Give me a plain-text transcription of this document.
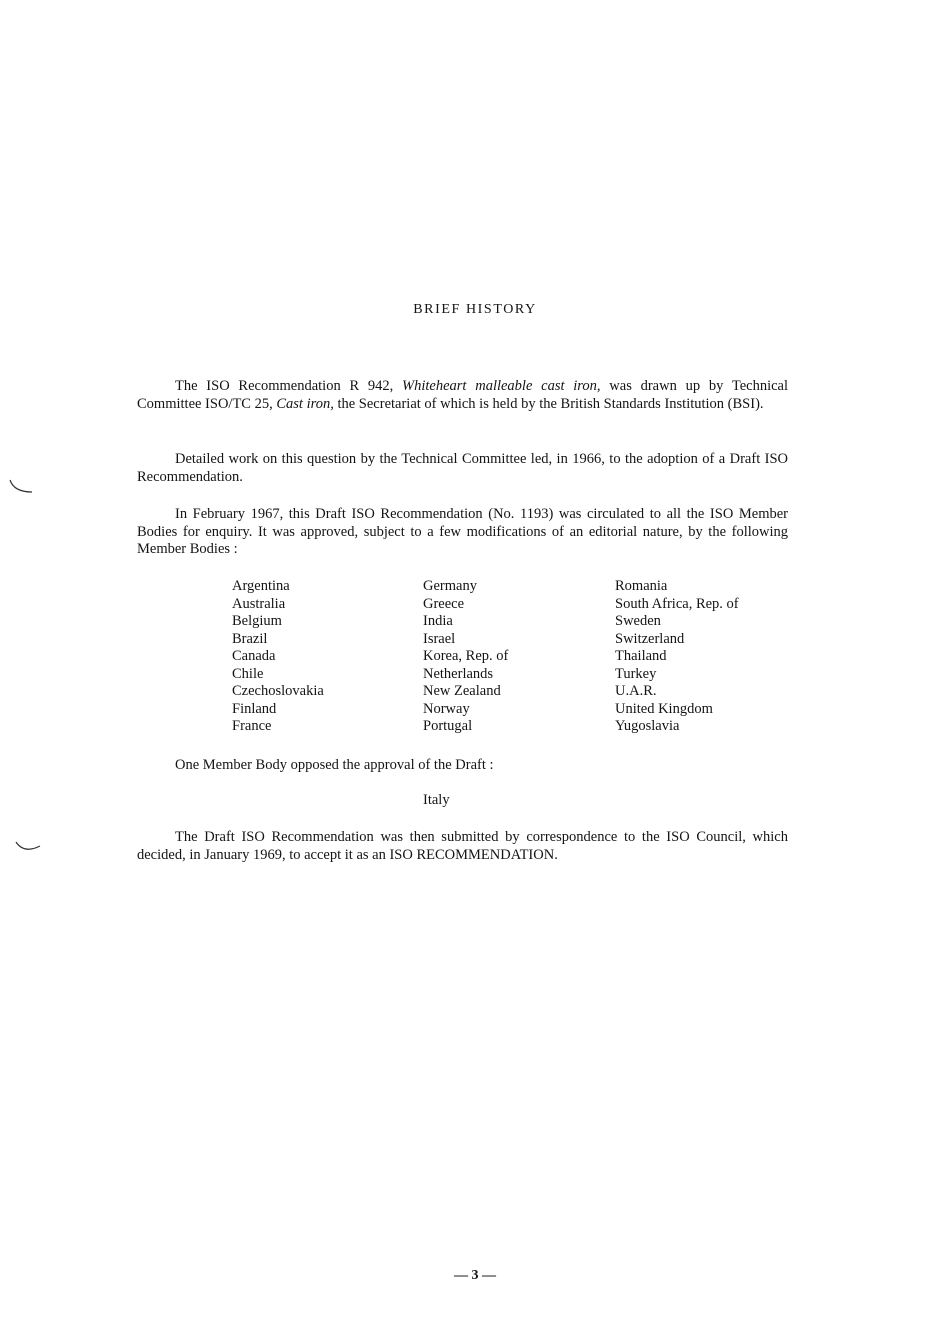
BRIEF HISTORY
The ISO Recommendation R 942, Whiteheart malleable cast iron, was drawn up by Technical Committee ISO/TC 25, Cast iron, the Secretariat of which is held by the British Standards Institution (BSI).
Detailed work on this question by the Technical Committee led, in 1966, to the adoption of a Draft ISO Recommendation.
In February 1967, this Draft ISO Recommendation (No. 1193) was circulated to all the ISO Member Bodies for enquiry. It was approved, subject to a few modifications of an editorial nature, by the following Member Bodies :
Argentina
Australia
Belgium
Brazil
Canada
Chile
Czechoslovakia
Finland
France
Germany
Greece
India
Israel
Korea, Rep. of
Netherlands
New Zealand
Norway
Portugal
Romania
South Africa, Rep. of
Sweden
Switzerland
Thailand
Turkey
U.A.R.
United Kingdom
Yugoslavia
One Member Body opposed the approval of the Draft :
Italy
The Draft ISO Recommendation was then submitted by correspondence to the ISO Council, which decided, in January 1969, to accept it as an ISO RECOMMENDATION.
— 3 —
